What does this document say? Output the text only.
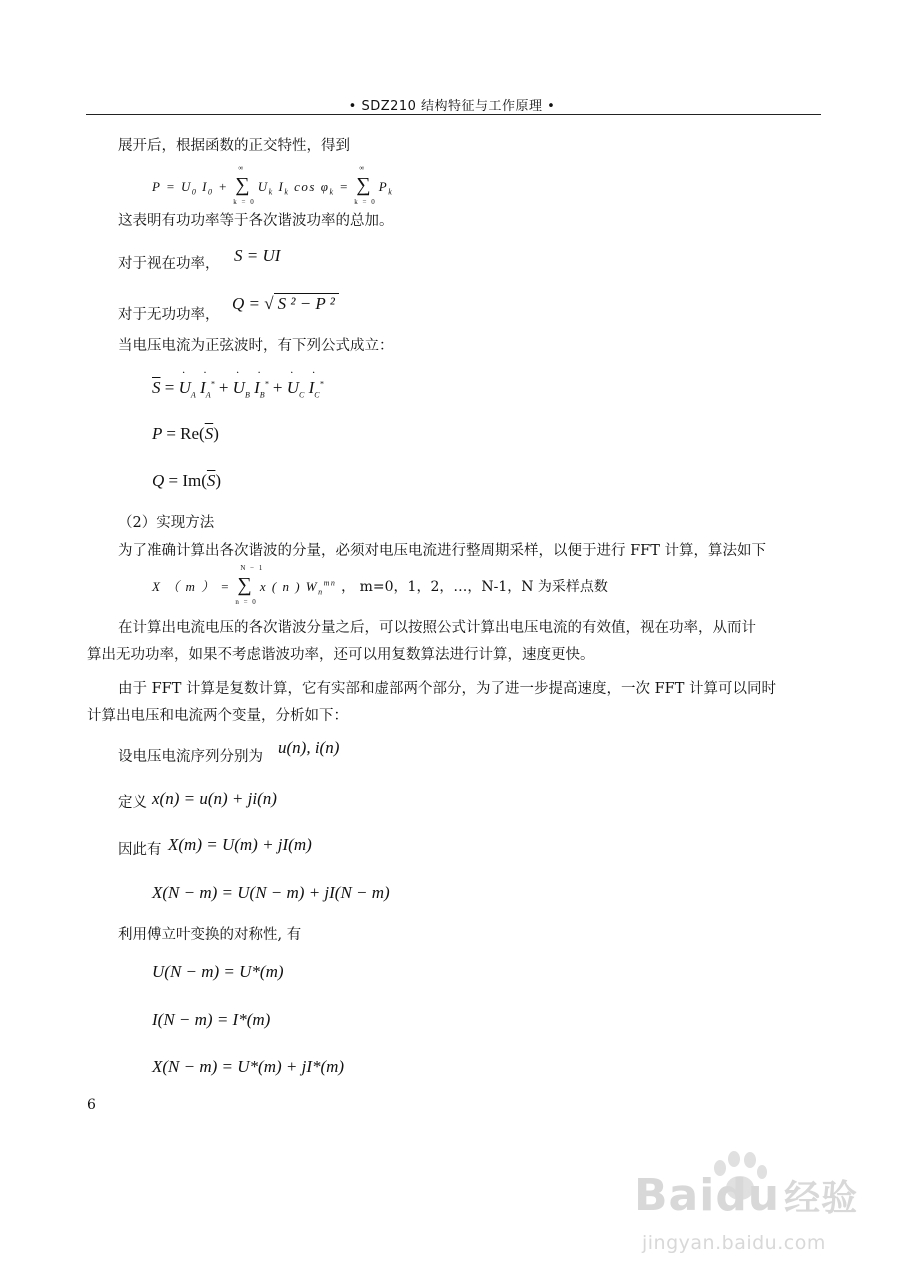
• SDZ210 结构特征与工作原理 •
展开后，根据函数的正交特性，得到
$P = U_0$ $I_0$ + ∑
∞
k = 0
$U_k$ $I_k$ $\cos \varphi_k$ = ∑
∞
k = 0
$P_k$
这表明有功功率等于各次谐波功率的总加。
对于视在功率， S = UI
对于无功功率，
Q = √ S ² − P ²
当电压电流为正弦波时，有下列公式成立：
$\overline{S}$ = · $U_A \cdot I_A^*$ + · $U_B \cdot I_B^*$ + · $U_C \cdot I_C^*$
$P = Re(\overline{S})$
$Q = Im(\overline{S})$
（2）实现方法
为了准确计算出各次谐波的分量，必须对电压电流进行整周期采样，以便于进行 FFT 计算，算法如下
X （ m ） = ∑
N − 1
n = 0
x ( n ) $W_n^{mn}$ ， m=0，1，2，…，N-1，N 为采样点数
在计算出电流电压的各次谐波分量之后，可以按照公式计算出电压电流的有效值，视在功率，从而计
算出无功功率，如果不考虑谐波功率，还可以用复数算法进行计算，速度更快。
由于 FFT 计算是复数计算，它有实部和虚部两个部分，为了进一步提高速度，一次 FFT 计算可以同时
计算出电压和电流两个变量，分析如下：
设电压电流序列分别为 u(n), i(n)
定义 x(n) = u(n) + ji(n)
因此有 X(m) = U(m) + jI(m)
X(N − m) = U(N − m) + jI(N − m)
利用傅立叶变换的对称性, 有
U(N − m) = U*(m)
I(N − m) = I*(m)
X(N − m) = U*(m) + jI*(m)
6
Baidu 经验
jingyan.baidu.com
